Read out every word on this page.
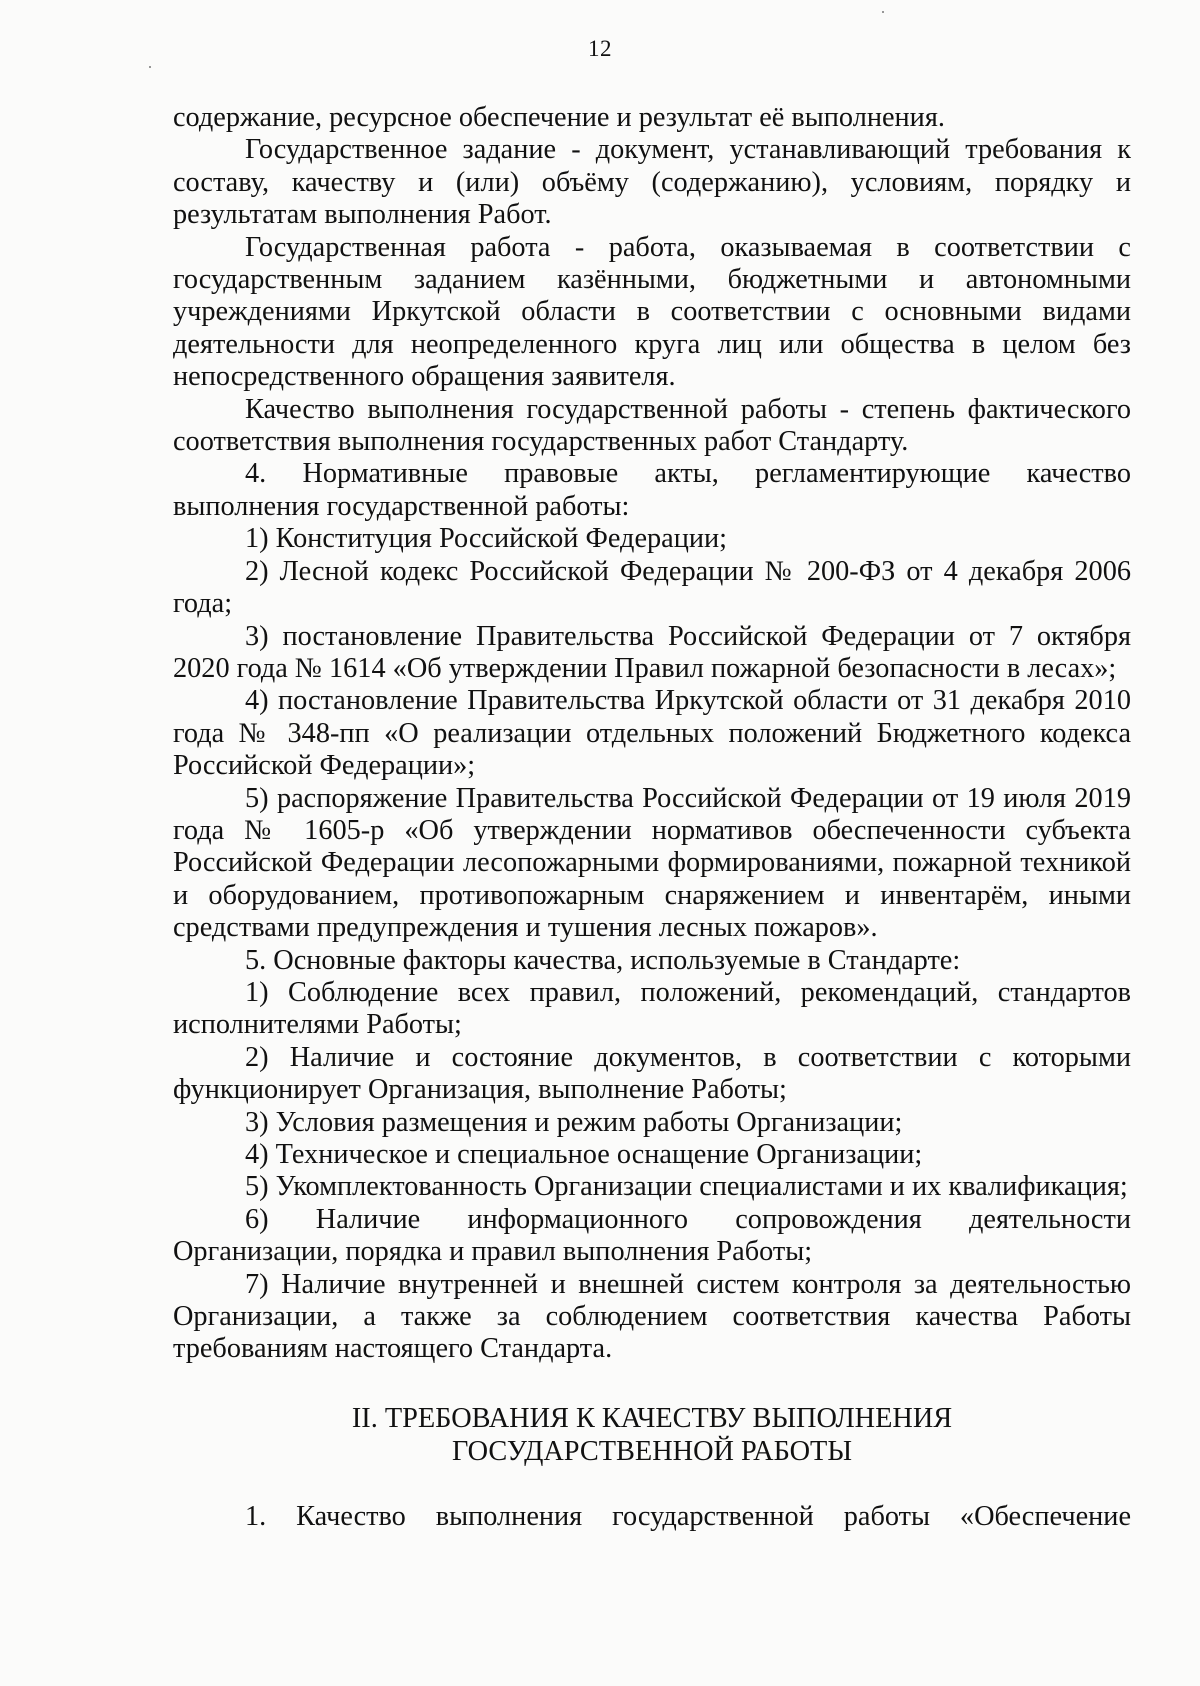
12

содержание, ресурсное обеспечение и результат её выполнения.

Государственное задание - документ, устанавливающий требования к составу, качеству и (или) объёму (содержанию), условиям, порядку и результатам выполнения Работ.

Государственная работа - работа, оказываемая в соответствии с государственным заданием казёнными, бюджетными и автономными учреждениями Иркутской области в соответствии с основными видами деятельности для неопределенного круга лиц или общества в целом без непосредственного обращения заявителя.

Качество выполнения государственной работы - степень фактического соответствия выполнения государственных работ Стандарту.

4. Нормативные правовые акты, регламентирующие качество выполнения государственной работы:

1) Конституция Российской Федерации;

2) Лесной кодекс Российской Федерации № 200-ФЗ от 4 декабря 2006 года;

3) постановление Правительства Российской Федерации от 7 октября 2020 года № 1614 «Об утверждении Правил пожарной безопасности в лесах»;

4) постановление Правительства Иркутской области от 31 декабря 2010 года № 348-пп «О реализации отдельных положений Бюджетного кодекса Российской Федерации»;

5) распоряжение Правительства Российской Федерации от 19 июля 2019 года № 1605-р «Об утверждении нормативов обеспеченности субъекта Российской Федерации лесопожарными формированиями, пожарной техникой и оборудованием, противопожарным снаряжением и инвентарём, иными средствами предупреждения и тушения лесных пожаров».

5. Основные факторы качества, используемые в Стандарте:

1) Соблюдение всех правил, положений, рекомендаций, стандартов исполнителями Работы;

2) Наличие и состояние документов, в соответствии с которыми функционирует Организация, выполнение Работы;

3) Условия размещения и режим работы Организации;

4) Техническое и специальное оснащение Организации;

5) Укомплектованность Организации специалистами и их квалификация;

6) Наличие информационного сопровождения деятельности Организации, порядка и правил выполнения Работы;

7) Наличие внутренней и внешней систем контроля за деятельностью Организации, а также за соблюдением соответствия качества Работы требованиям настоящего Стандарта.

II. ТРЕБОВАНИЯ К КАЧЕСТВУ ВЫПОЛНЕНИЯ
ГОСУДАРСТВЕННОЙ РАБОТЫ

1. Качество выполнения государственной работы «Обеспечение
